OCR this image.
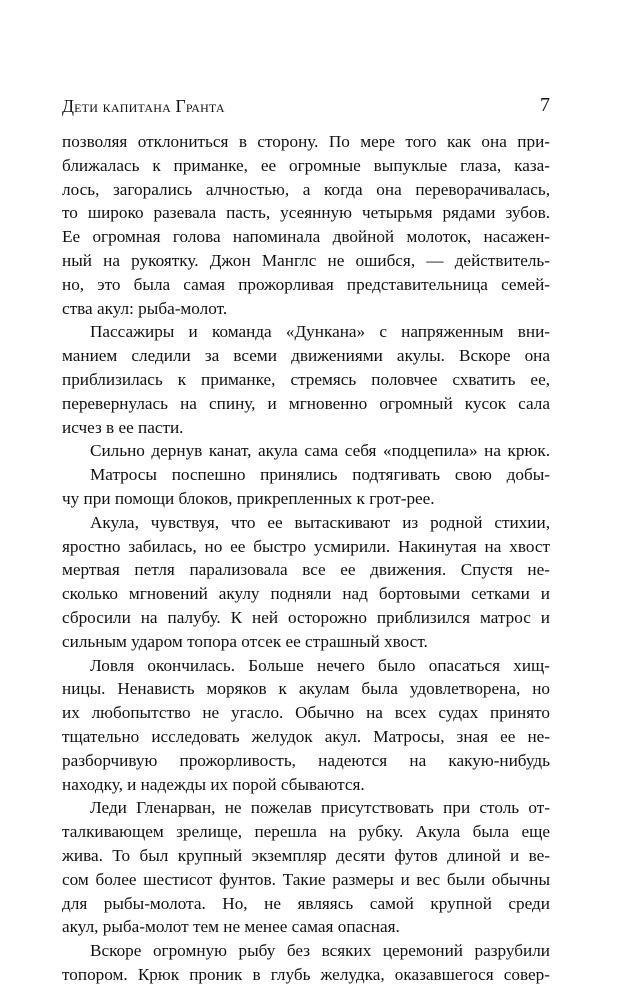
Дети капитана Гранта	7
позволяя отклониться в сторону. По мере того как она при-
ближалась к приманке, ее огромные выпуклые глаза, каза-
лось, загорались алчностью, а когда она переворачивалась,
то широко разевала пасть, усеянную четырьмя рядами зубов.
Ее огромная голова напоминала двойной молоток, насажен-
ный на рукоятку. Джон Манглс не ошибся, — действитель-
но, это была самая прожорливая представительница семей-
ства акул: рыба-молот.
Пассажиры и команда «Дункана» с напряженным вни-
манием следили за всеми движениями акулы. Вскоре она
приблизилась к приманке, стремясь половчее схватить ее,
перевернулась на спину, и мгновенно огромный кусок сала
исчез в ее пасти.
Сильно дернув канат, акула сама себя «подцепила» на крюк.
Матросы поспешно принялись подтягивать свою добы-
чу при помощи блоков, прикрепленных к грот-рее.
Акула, чувствуя, что ее вытаскивают из родной стихии,
яростно забилась, но ее быстро усмирили. Накинутая на хвост
мертвая петля парализовала все ее движения. Спустя не-
сколько мгновений акулу подняли над бортовыми сетками и
сбросили на палубу. К ней осторожно приблизился матрос и
сильным ударом топора отсек ее страшный хвост.
Ловля окончилась. Больше нечего было опасаться хищ-
ницы. Ненависть моряков к акулам была удовлетворена, но
их любопытство не угасло. Обычно на всех судах принято
тщательно исследовать желудок акул. Матросы, зная ее не-
разборчивую прожорливость, надеются на какую-нибудь
находку, и надежды их порой сбываются.
Леди Гленарван, не пожелав присутствовать при столь от-
талкивающем зрелище, перешла на рубку. Акула была еще
жива. То был крупный экземпляр десяти футов длиной и ве-
сом более шестисот фунтов. Такие размеры и вес были обычны
для рыбы-молота. Но, не являясь самой крупной среди
акул, рыба-молот тем не менее самая опасная.
Вскоре огромную рыбу без всяких церемоний разрубили
топором. Крюк проник в глубь желудка, оказавшегося совер-
